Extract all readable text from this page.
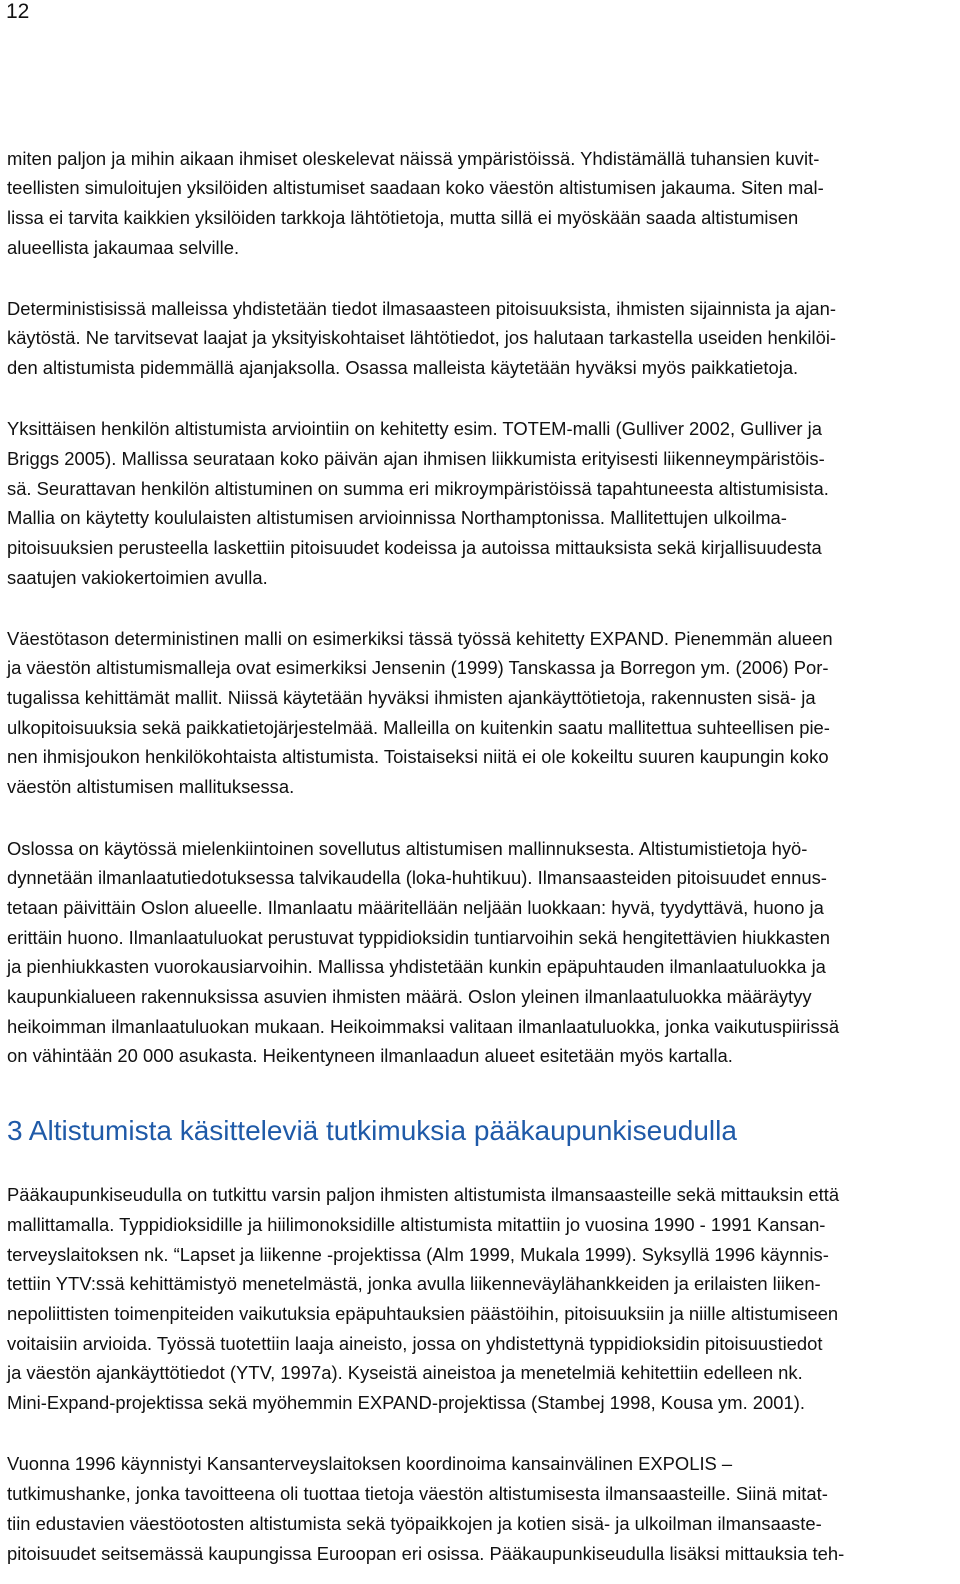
12
miten paljon ja mihin aikaan ihmiset oleskelevat näissä ympäristöissä. Yhdistämällä tuhansien kuvit-
teellisten simuloitujen yksilöiden altistumiset saadaan koko väestön altistumisen jakauma. Siten mal-
lissa ei tarvita kaikkien yksilöiden tarkkoja lähtötietoja, mutta sillä ei myöskään saada altistumisen
alueellista jakaumaa selville.
Deterministisissä malleissa yhdistetään tiedot ilmasaasteen pitoisuuksista, ihmisten sijainnista ja ajan-
käytöstä. Ne tarvitsevat laajat ja yksityiskohtaiset lähtötiedot, jos halutaan tarkastella useiden henkilöi-
den altistumista pidemmällä ajanjaksolla. Osassa malleista käytetään hyväksi myös paikkatietoja.
Yksittäisen henkilön altistumista arviointiin on kehitetty esim. TOTEM-malli (Gulliver 2002, Gulliver ja
Briggs 2005). Mallissa seurataan koko päivän ajan ihmisen liikkumista erityisesti liikenneympäristöis-
sä. Seurattavan henkilön altistuminen on summa eri mikroympäristöissä tapahtuneesta altistumisista.
Mallia on käytetty koululaisten altistumisen arvioinnissa Northamptonissa. Mallitettujen ulkoilma-
pitoisuuksien perusteella laskettiin pitoisuudet kodeissa ja autoissa mittauksista sekä kirjallisuudesta
saatujen vakiokertoimien avulla.
Väestötason deterministinen malli on esimerkiksi tässä työssä kehitetty EXPAND. Pienemmän alueen
ja väestön altistumismalleja ovat esimerkiksi Jensenin (1999) Tanskassa ja Borregon ym. (2006) Por-
tugalissa kehittämät mallit. Niissä käytetään hyväksi ihmisten ajankäyttötietoja, rakennusten sisä- ja
ulkopitoisuuksia sekä paikkatietojärjestelmää. Malleilla on kuitenkin saatu mallitettua suhteellisen pie-
nen ihmisjoukon henkilökohtaista altistumista. Toistaiseksi niitä ei ole kokeiltu suuren kaupungin koko
väestön altistumisen mallituksessa.
Oslossa on käytössä mielenkiintoinen sovellutus altistumisen mallinnuksesta. Altistumistietoja hyö-
dynnetään ilmanlaatutiedotuksessa talvikaudella (loka-huhtikuu). Ilmansaasteiden pitoisuudet ennus-
tetaan päivittäin Oslon alueelle. Ilmanlaatu määritellään neljään luokkaan: hyvä, tyydyttävä, huono ja
erittäin huono. Ilmanlaatuluokat perustuvat typpidioksidin tuntiarvoihin sekä hengitettävien hiukkasten
ja pienhiukkasten vuorokausiarvoihin. Mallissa yhdistetään kunkin epäpuhtauden ilmanlaatuluokka ja
kaupunkialueen rakennuksissa asuvien ihmisten määrä. Oslon yleinen ilmanlaatuluokka määräytyy
heikoimman ilmanlaatuluokan mukaan. Heikoimmaksi valitaan ilmanlaatuluokka, jonka vaikutuspiirissä
on vähintään 20 000 asukasta. Heikentyneen ilmanlaadun alueet esitetään myös kartalla.
3 Altistumista käsitteleviä tutkimuksia pääkaupunkiseudulla
Pääkaupunkiseudulla on tutkittu varsin paljon ihmisten altistumista ilmansaasteille sekä mittauksin että
mallittamalla. Typpidioksidille ja hiilimonoksidille altistumista mitattiin jo vuosina 1990 - 1991 Kansan-
terveyslaitoksen nk. “Lapset ja liikenne -projektissa (Alm 1999, Mukala 1999). Syksyllä 1996 käynnis-
tettiin YTV:ssä kehittämistyö menetelmästä, jonka avulla liikenneväylähankkeiden ja erilaisten liiken-
nepoliittisten toimenpiteiden vaikutuksia epäpuhtauksien päästöihin, pitoisuuksiin ja niille altistumiseen
voitaisiin arvioida. Työssä tuotettiin laaja aineisto, jossa on yhdistettynä typpidioksidin pitoisuustiedot
ja väestön ajankäyttötiedot (YTV, 1997a). Kyseistä aineistoa ja menetelmiä kehitettiin edelleen nk.
Mini-Expand-projektissa sekä myöhemmin EXPAND-projektissa (Stambej 1998, Kousa ym. 2001).
Vuonna 1996 käynnistyi Kansanterveyslaitoksen koordinoima kansainvälinen EXPOLIS –
tutkimushanke, jonka tavoitteena oli tuottaa tietoja väestön altistumisesta ilmansaasteille. Siinä mitat-
tiin edustavien väestöotosten altistumista sekä työpaikkojen ja kotien sisä- ja ulkoilman ilmansaaste-
pitoisuudet seitsemässä kaupungissa Euroopan eri osissa. Pääkaupunkiseudulla lisäksi mittauksia teh-
